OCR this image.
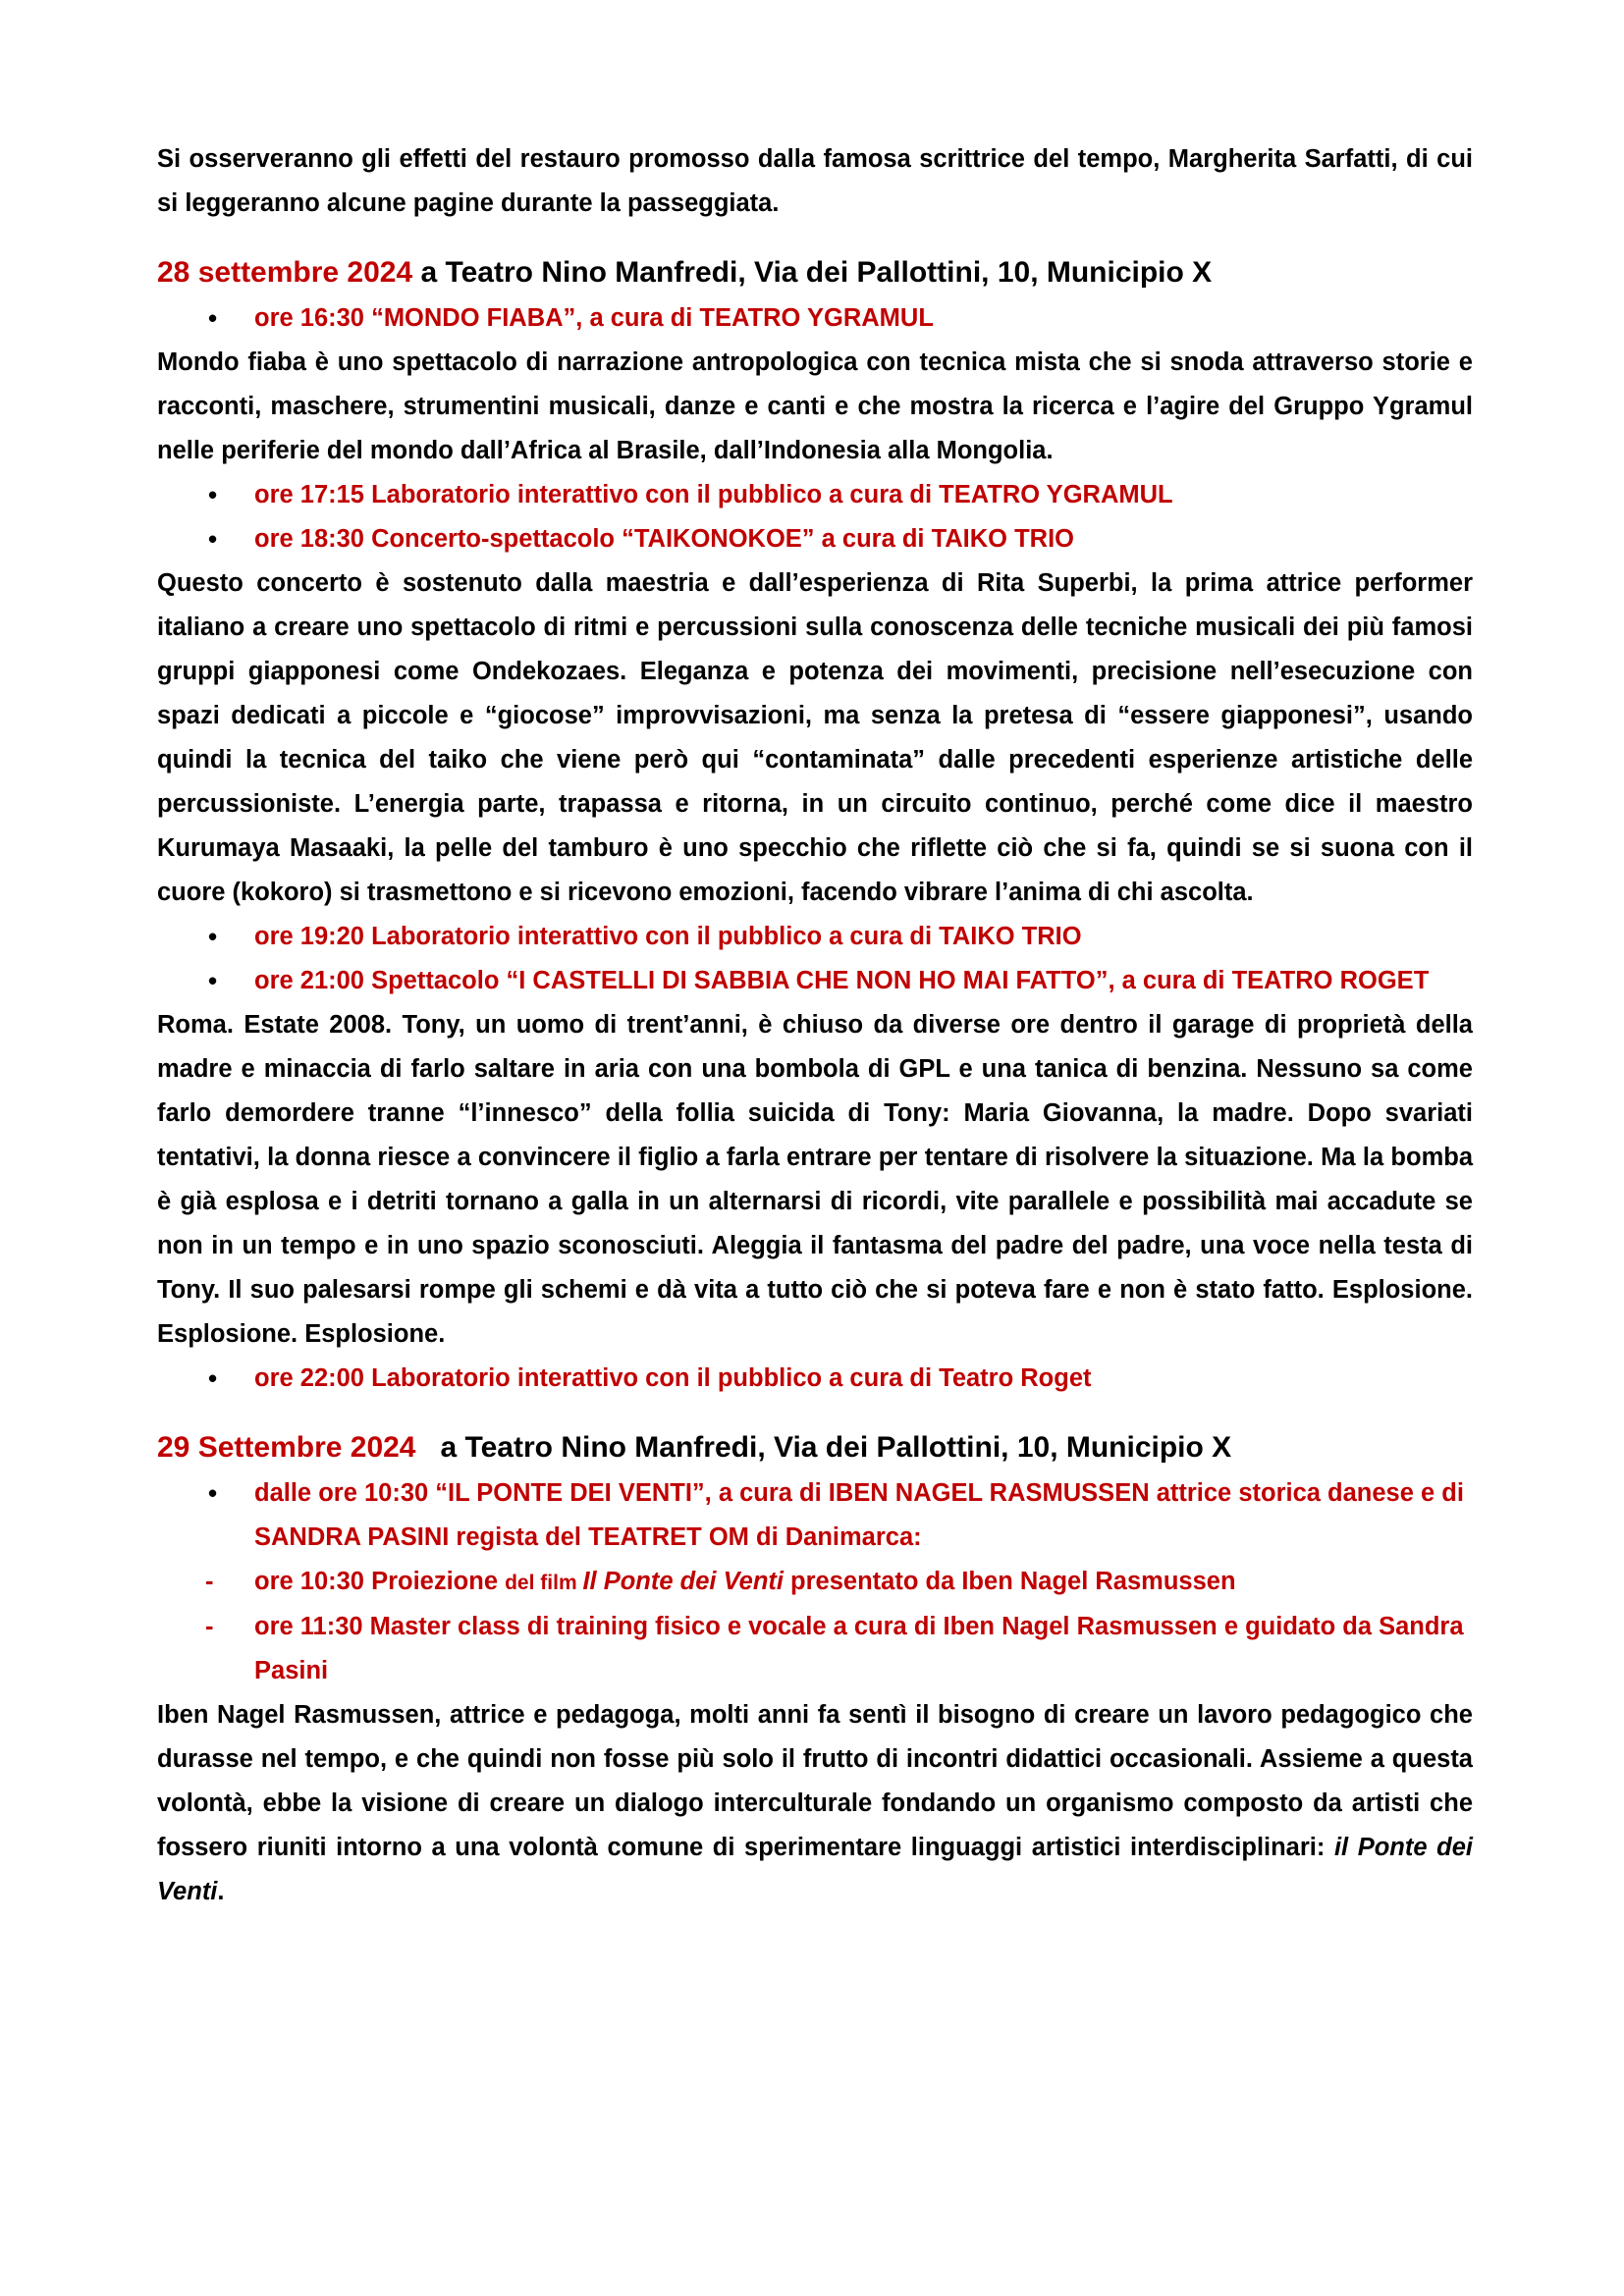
Si osserveranno gli effetti del restauro promosso dalla famosa scrittrice del tempo, Margherita Sarfatti, di cui si leggeranno alcune pagine durante la passeggiata.

28 settembre 2024 a Teatro Nino Manfredi, Via dei Pallottini, 10, Municipio X
• ore 16:30 “MONDO FIABA”, a cura di TEATRO YGRAMUL

Mondo fiaba è uno spettacolo di narrazione antropologica con tecnica mista che si snoda attraverso storie e racconti, maschere, strumentini musicali, danze e canti e che mostra la ricerca e l’agire del Gruppo Ygramul nelle periferie del mondo dall’Africa al Brasile, dall’Indonesia alla Mongolia.

• ore 17:15 Laboratorio interattivo con il pubblico a cura di TEATRO YGRAMUL
• ore 18:30 Concerto-spettacolo “TAIKONOKOE” a cura di TAIKO TRIO

Questo concerto è sostenuto dalla maestria e dall’esperienza di Rita Superbi, la prima attrice performer italiano a creare uno spettacolo di ritmi e percussioni sulla conoscenza delle tecniche musicali dei più famosi gruppi giapponesi come Ondekozaes. Eleganza e potenza dei movimenti, precisione nell’esecuzione con spazi dedicati a piccole e “giocose” improvvisazioni, ma senza la pretesa di “essere giapponesi”, usando quindi la tecnica del taiko che viene però qui “contaminata” dalle precedenti esperienze artistiche delle percussioniste. L’energia parte, trapassa e ritorna, in un circuito continuo, perché come dice il maestro Kurumaya Masaaki, la pelle del tamburo è uno specchio che riflette ciò che si fa, quindi se si suona con il cuore (kokoro) si trasmettono e si ricevono emozioni, facendo vibrare l’anima di chi ascolta.

• ore 19:20 Laboratorio interattivo con il pubblico a cura di TAIKO TRIO
• ore 21:00 Spettacolo “I CASTELLI DI SABBIA CHE NON HO MAI FATTO”, a cura di TEATRO ROGET

Roma. Estate 2008. Tony, un uomo di trent’anni, è chiuso da diverse ore dentro il garage di proprietà della madre e minaccia di farlo saltare in aria con una bombola di GPL e una tanica di benzina. Nessuno sa come farlo demordere tranne “l’innesco” della follia suicida di Tony: Maria Giovanna, la madre. Dopo svariati tentativi, la donna riesce a convincere il figlio a farla entrare per tentare di risolvere la situazione. Ma la bomba è già esplosa e i detriti tornano a galla in un alternarsi di ricordi, vite parallele e possibilità mai accadute se non in un tempo e in uno spazio sconosciuti. Aleggia il fantasma del padre del padre, una voce nella testa di Tony. Il suo palesarsi rompe gli schemi e dà vita a tutto ciò che si poteva fare e non è stato fatto. Esplosione. Esplosione. Esplosione.

• ore 22:00 Laboratorio interattivo con il pubblico a cura di Teatro Roget
29 Settembre 2024   a Teatro Nino Manfredi, Via dei Pallottini, 10, Municipio X
• dalle ore 10:30 “IL PONTE DEI VENTI”, a cura di IBEN NAGEL RASMUSSEN attrice storica danese e di SANDRA PASINI regista del TEATRET OM di Danimarca:
- ore 10:30 Proiezione del film Il Ponte dei Venti presentato da Iben Nagel Rasmussen
- ore 11:30 Master class di training fisico e vocale a cura di Iben Nagel Rasmussen e guidato da Sandra Pasini

Iben Nagel Rasmussen, attrice e pedagoga, molti anni fa sentì il bisogno di creare un lavoro pedagogico che durasse nel tempo, e che quindi non fosse più solo il frutto di incontri didattici occasionali. Assieme a questa volontà, ebbe la visione di creare un dialogo interculturale fondando un organismo composto da artisti che fossero riuniti intorno a una volontà comune di sperimentare linguaggi artistici interdisciplinari: il Ponte dei Venti.
